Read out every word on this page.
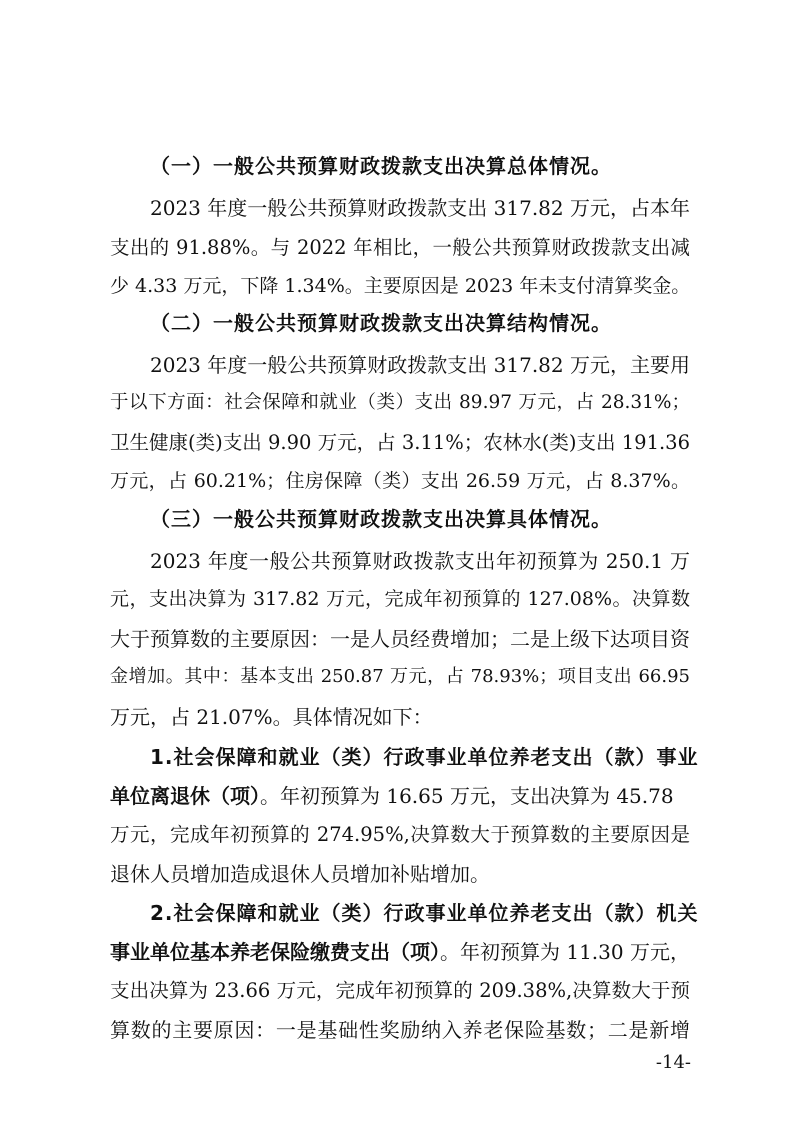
（一）一般公共预算财政拨款支出决算总体情况。
2023 年度一般公共预算财政拨款支出 317.82 万元，占本年
支出的 91.88%。与 2022 年相比，一般公共预算财政拨款支出减
少 4.33 万元，下降 1.34%。主要原因是 2023 年未支付清算奖金。
（二）一般公共预算财政拨款支出决算结构情况。
2023 年度一般公共预算财政拨款支出 317.82 万元，主要用
于以下方面：社会保障和就业（类）支出 89.97 万元，占 28.31%；
卫生健康(类)支出 9.90 万元，占 3.11%；农林水(类)支出 191.36
万元，占 60.21%；住房保障（类）支出 26.59 万元，占 8.37%。
（三）一般公共预算财政拨款支出决算具体情况。
2023 年度一般公共预算财政拨款支出年初预算为 250.1 万
元，支出决算为 317.82 万元，完成年初预算的 127.08%。决算数
大于预算数的主要原因：一是人员经费增加；二是上级下达项目资
金增加。其中：基本支出 250.87 万元，占 78.93%；项目支出 66.95
万元，占 21.07%。具体情况如下：
1.社会保障和就业（类）行政事业单位养老支出（款）事业
单位离退休（项）。年初预算为 16.65 万元，支出决算为 45.78
万元，完成年初预算的 274.95%,决算数大于预算数的主要原因是
退休人员增加造成退休人员增加补贴增加。
2.社会保障和就业（类）行政事业单位养老支出（款）机关
事业单位基本养老保险缴费支出（项）。年初预算为 11.30 万元，
支出决算为 23.66 万元，完成年初预算的 209.38%,决算数大于预
算数的主要原因：一是基础性奖励纳入养老保险基数；二是新增
-14-
